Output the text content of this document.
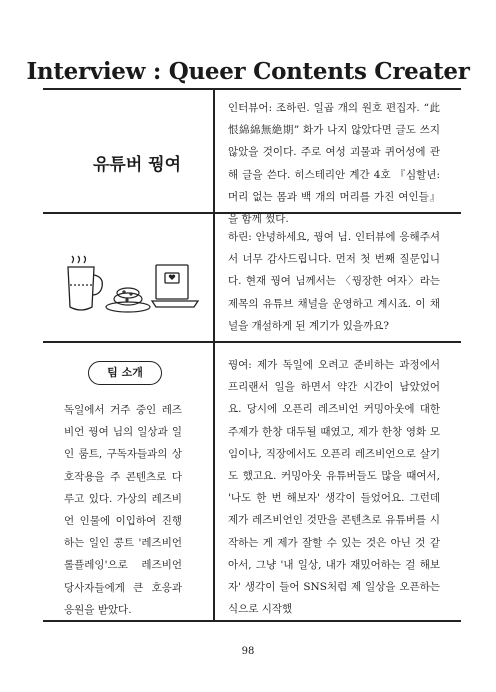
Interview : Queer Contents Creater
유튜버 꿩여
팀 소개
독일에서 거주 중인 레즈비언 꿩여 님의 일상과 일인 룸트, 구독자들과의 상호작용을 주 콘텐츠로 다루고 있다. 가상의 레즈비언 인물에 이입하여 진행하는 일인 콩트 '레즈비언 롤플레잉'으로 레즈비언 당사자들에게 큰 호응과 응원을 받았다.

인터뷰어: 조하린. 일곱 개의 원호 편집자. “此恨綿綿無絶期” 화가 나지 않았다면 글도 쓰지 않았을 것이다. 주로 여성 괴물과 퀴어성에 관해 글을 쓴다. 히스테리안 계간 4호 『심할년: 머리 없는 몸과 백 개의 머리를 가진 여인들』을 함께 썼다.

하린: 안녕하세요, 꿩여 님. 인터뷰에 응해주셔서 너무 감사드립니다. 먼저 첫 번째 질문입니다. 현재 꿩여 님께서는 〈꿩장한 여자〉라는 제목의 유튜브 채널을 운영하고 계시죠. 이 채널을 개설하게 된 계기가 있을까요?

꿩여: 제가 독일에 오려고 준비하는 과정에서 프리랜서 일을 하면서 약간 시간이 남았었어요. 당시에 오픈리 레즈비언 커밍아웃에 대한 주제가 한창 대두될 때였고, 제가 한창 영화 모임이나, 직장에서도 오픈리 레즈비언으로 살기도 했고요. 커밍아웃 유튜버들도 많을 때여서, '나도 한 번 해보자' 생각이 들었어요. 그런데 제가 레즈비언인 것만을 콘텐츠로 유튜버를 시작하는 게 제가 잘할 수 있는 것은 아닌 것 같아서, 그냥 '내 일상, 내가 재밌어하는 걸 해보자' 생각이 들어 SNS처럼 제 일상을 오픈하는 식으로 시작했

98
